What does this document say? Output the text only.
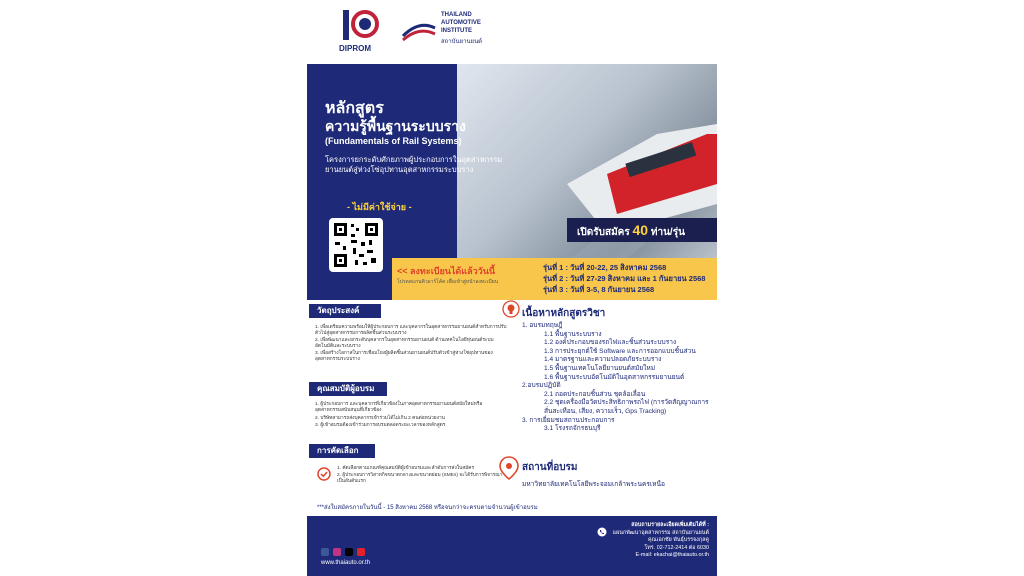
DIPROM
THAILAND
AUTOMOTIVE
INSTITUTE
สถาบันยานยนต์
หลักสูตร
ความรู้พื้นฐานระบบราง
(Fundamentals of Rail Systems)
โครงการยกระดับศักยภาพผู้ประกอบการในอุตสาหกรรมยานยนต์สู่ห่วงโซ่อุปทานอุตสาหกรรมระบบราง
- ไม่มีค่าใช้จ่าย -
เปิดรับสมัคร 40 ท่าน/รุ่น
<< ลงทะเบียนได้แล้ววันนี้
โปรดสแกนคิวอาร์โค้ด เพื่อเข้าสู่หน้าลงทะเบียน
รุ่นที่ 1 : วันที่ 20-22, 25 สิงหาคม 2568
รุ่นที่ 2 : วันที่ 27-29 สิงหาคม และ 1 กันยายน 2568
รุ่นที่ 3 : วันที่ 3-5, 8 กันยายน 2568
วัตถุประสงค์
1. เพื่อเตรียมความพร้อมให้ผู้ประกอบการ และบุคลากรในอุตสาหกรรมยานยนต์สำหรับการปรับตัวไปสู่อุตสาหกรรมการผลิตชิ้นส่วนระบบราง
2. เพื่อพัฒนาและยกระดับบุคลากรในอุตสาหกรรมยานยนต์ ด้านเทคโนโลยีหุ่นยนต์ระบบอัตโนมัติและระบบราง
3. เพื่อสร้างโอกาสในการเชื่อมโยงผู้ผลิตชิ้นส่วนยานยนต์ปรับตัวเข้าสู่ห่วงโซ่อุปทานของอุตสาหกรรมระบบราง
คุณสมบัติผู้อบรม
1. ผู้ประกอบการ และบุคลากรที่เกี่ยวข้องในภาคอุตสาหกรรมยานยนต์สมัยใหม่หรืออุตสาหกรรมสนับสนุนที่เกี่ยวข้อง
2. บริษัทสามารถส่งบุคลากรเข้าร่วมได้ไม่เกิน 2 คนต่อหน่วยงาน
3. ผู้เข้าอบรมต้องเข้าร่วมการอบรมตลอดระยะเวลาของหลักสูตร
การคัดเลือก
1. คัดเลือกตามเกณฑ์คุณสมบัติผู้เข้าอบรมและลำดับการส่งใบสมัคร
2. ผู้ประกอบการวิสาหกิจขนาดกลางและขนาดย่อม (SMEs) จะได้รับการพิจารณาเป็นอันดับแรก
เนื้อหาหลักสูตรวิชา
1. อบรมทฤษฎี
1.1 พื้นฐานระบบราง
1.2 องค์ประกอบของรถไฟและชิ้นส่วนระบบราง
1.3 การประยุกต์ใช้ Software และการออกแบบชิ้นส่วน
1.4 มาตรฐานและความปลอดภัยระบบราง
1.5 พื้นฐานเทคโนโลยียานยนต์สมัยใหม่
1.6 พื้นฐานระบบอัตโนมัติในอุตสาหกรรมยานยนต์
2.อบรมปฏิบัติ
2.1 ถอดประกอบชิ้นส่วน ชุดล้อเลื่อน
2.2 ชุดเครื่องมือวัดประสิทธิภาพรถไฟ (การวัดสัญญาณการสั่นสะเทือน, เสียง, ความเร็ว, Gps Tracking)
3. การเยี่ยมชมสถานประกอบการ
3.1 โรงรถจักรธนบุรี
สถานที่อบรม
มหาวิทยาลัยเทคโนโลยีพระจอมเกล้าพระนครเหนือ
***ส่งใบสมัครภายในวันนี้ - 15 สิงหาคม 2568 หรือจนกว่าจะครบตามจำนวนผู้เข้าอบรม
สอบถามรายละเอียดเพิ่มเติมได้ที่ :
แผนกพัฒนาอุตสาหกรรม สถาบันยานยนต์
คุณเอกชัย พันธุ์บรรจงกุลคู
โทร. 02-712-2414 ต่อ 6030
E-mail: ekachai@thaiauto.or.th
www.thaiauto.or.th
